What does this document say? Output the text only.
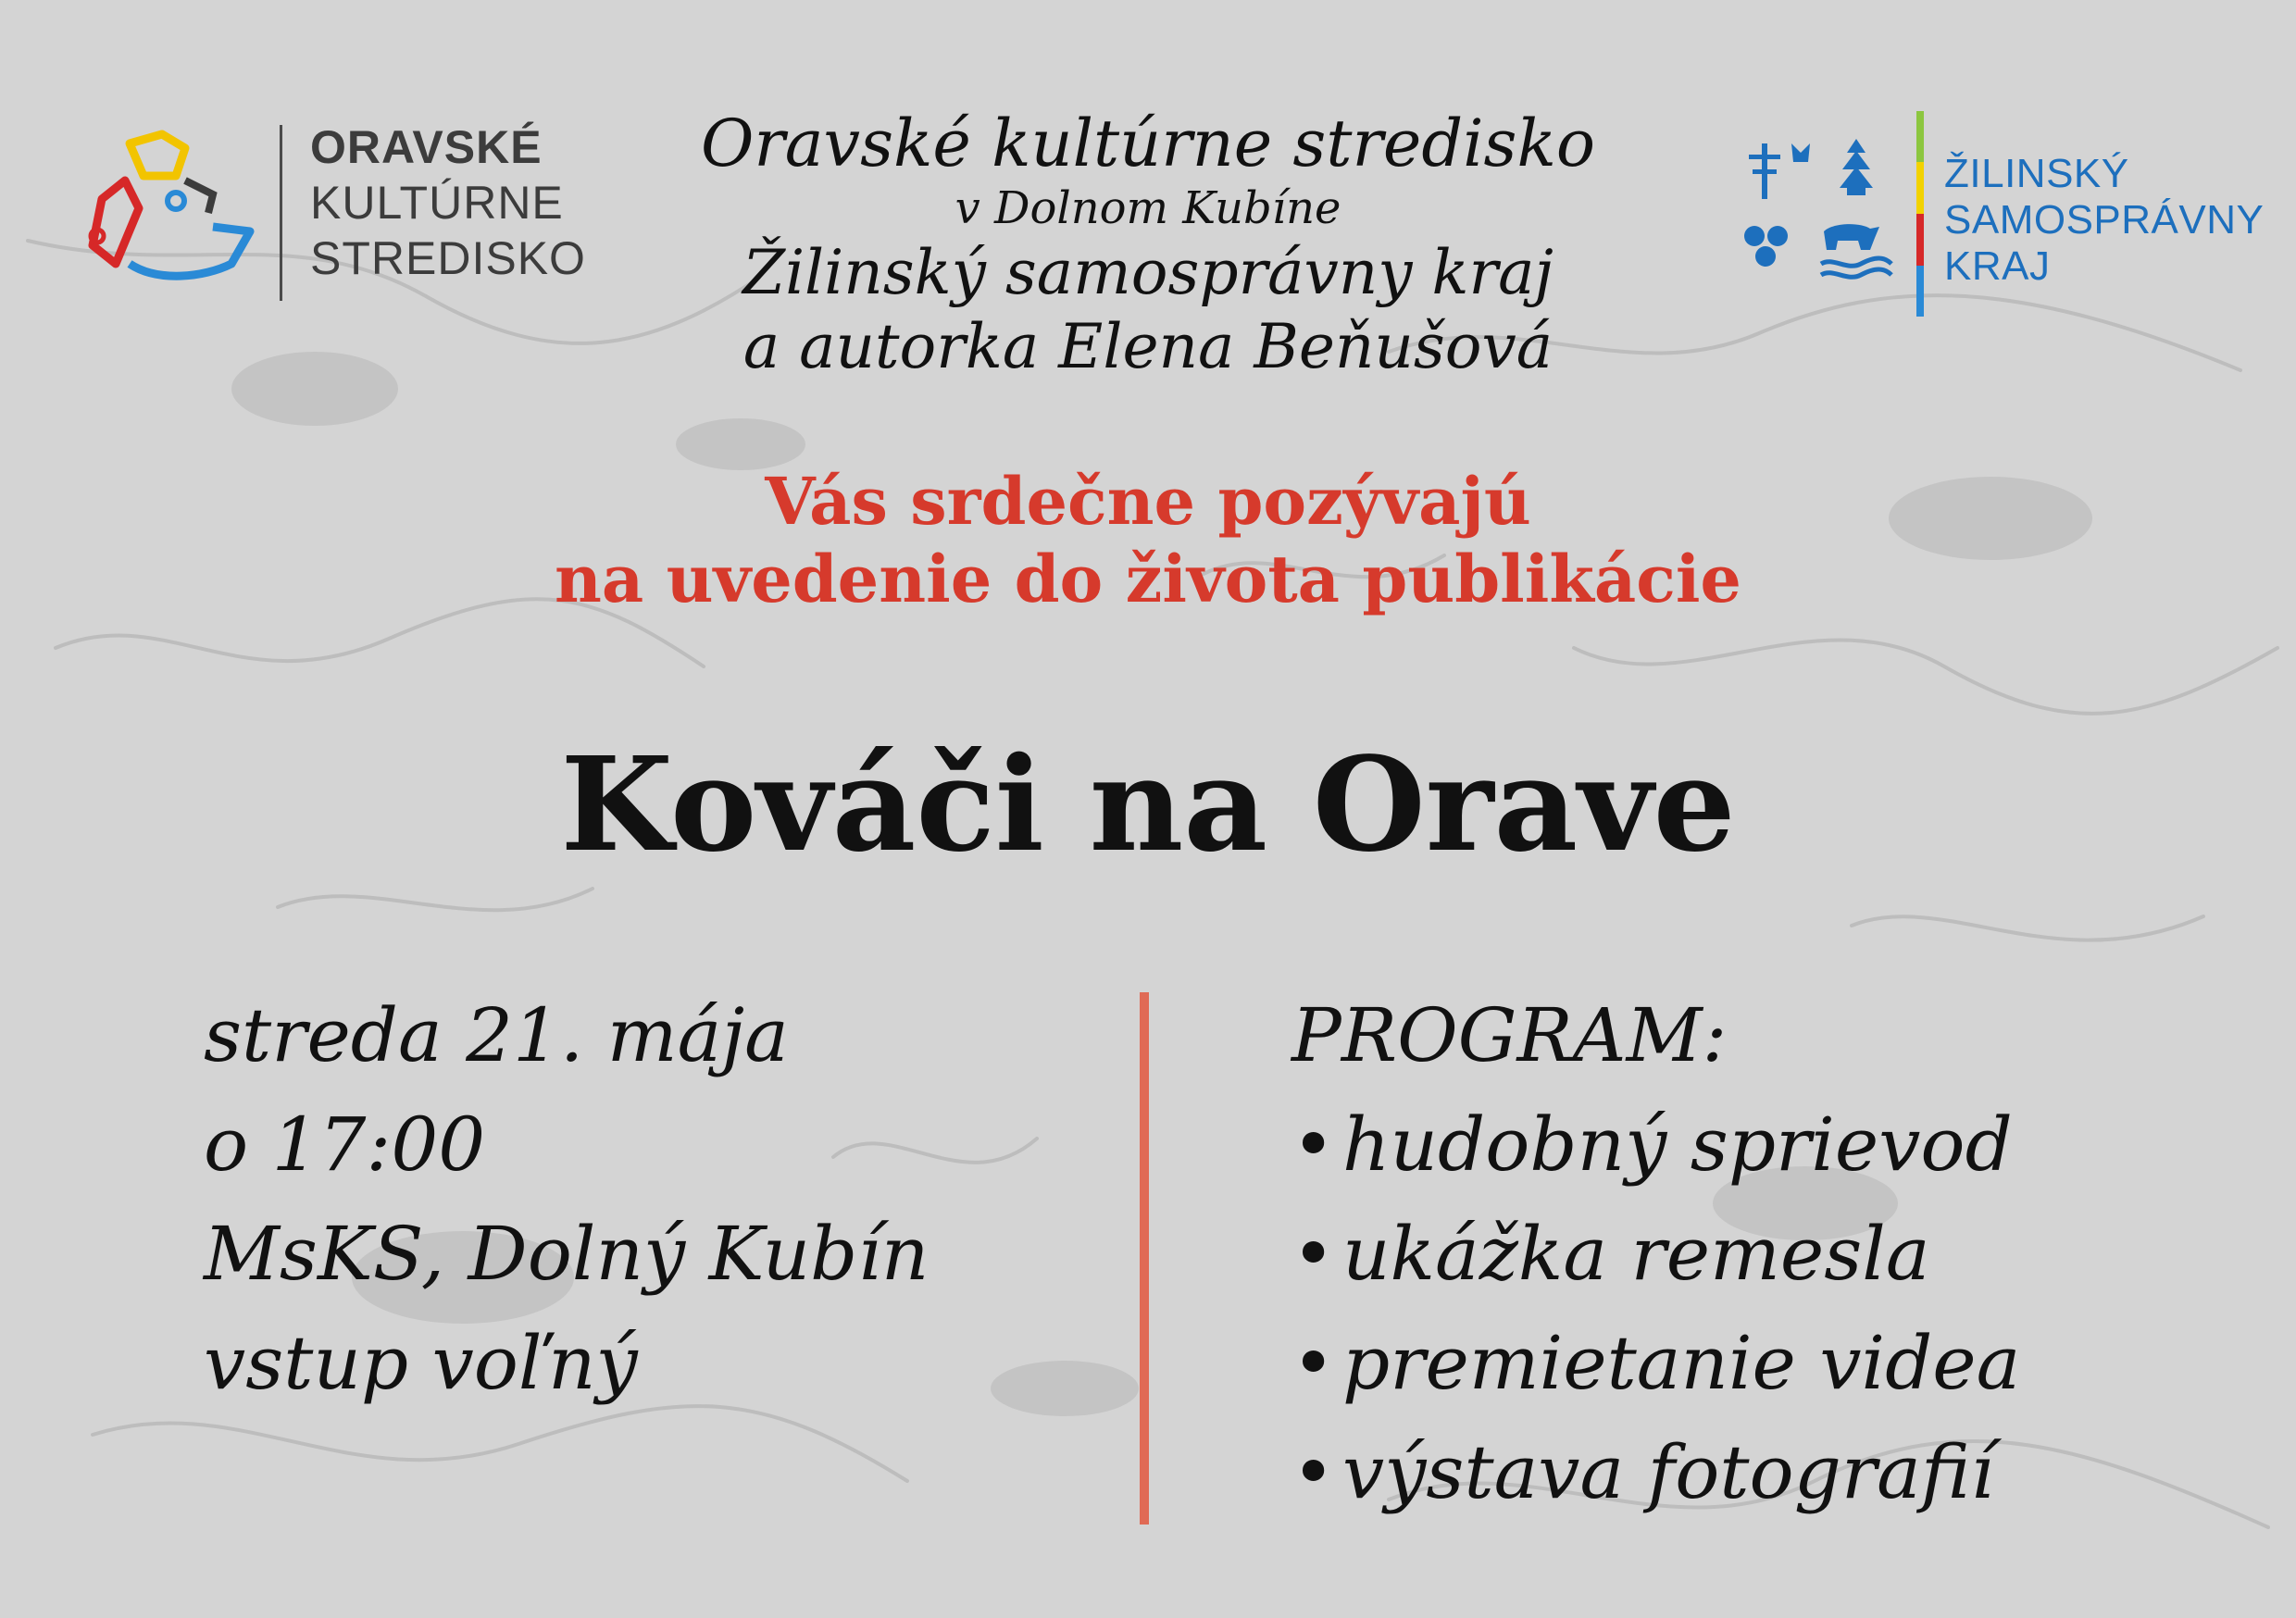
ORAVSKÉ
KULTÚRNE
STREDISKO
Oravské kultúrne stredisko
v Dolnom Kubíne
Žilinský samosprávny kraj
a autorka Elena Beňušová
ŽILINSKÝ
SAMOSPRÁVNY
KRAJ
Vás srdečne pozývajú
na uvedenie do života publikácie
Kováči na Orave
streda 21. mája
o 17:00
MsKS, Dolný Kubín
vstup voľný
PROGRAM:
•hudobný sprievod
•ukážka remesla
•premietanie videa
•výstava fotografií
